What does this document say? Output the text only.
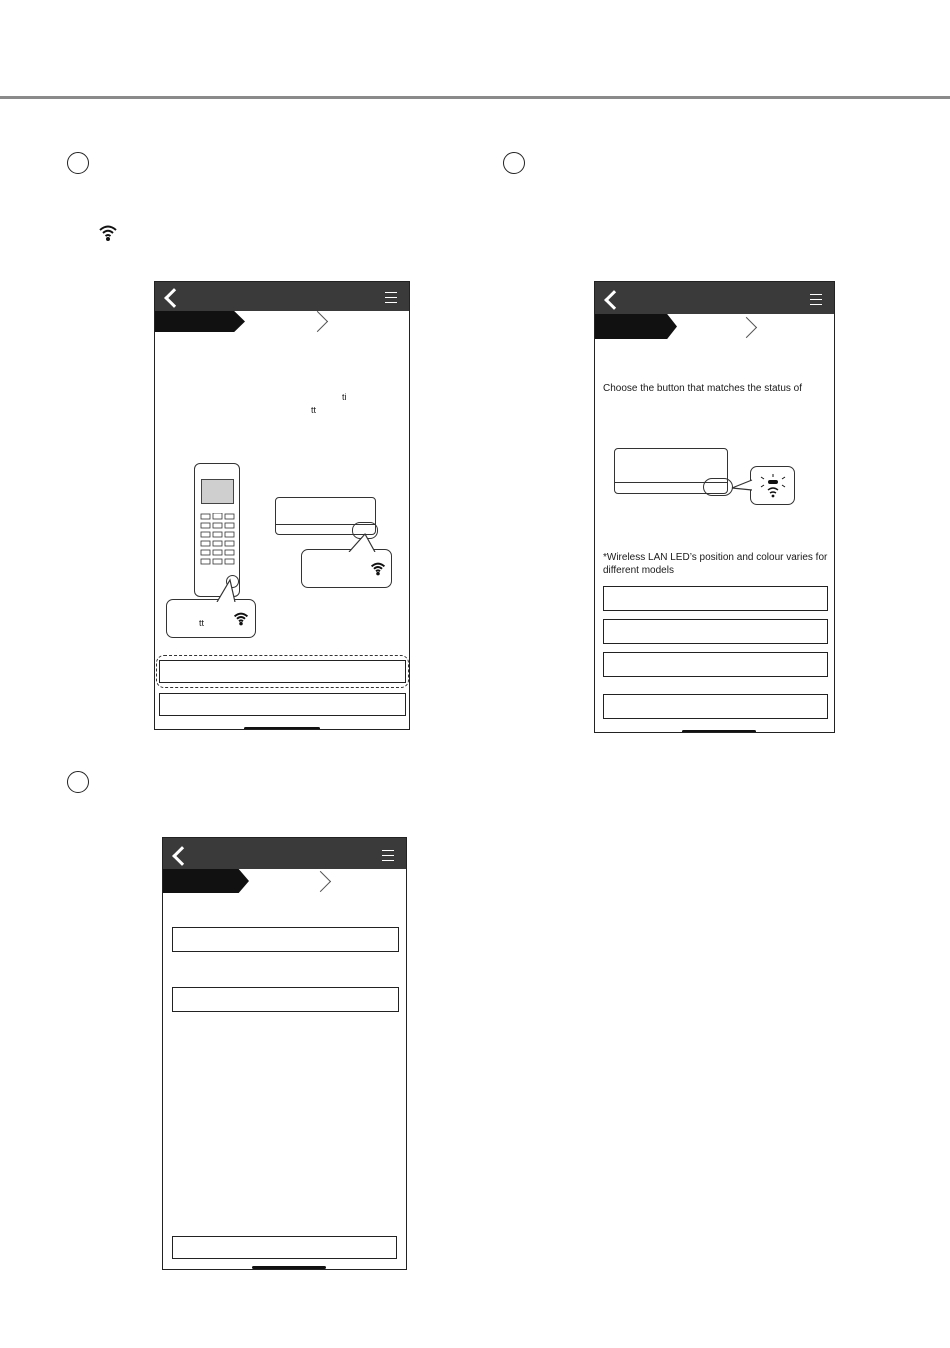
ti
tt
tt
Choose the button that matches the status of
*Wireless LAN LED’s position and colour varies for different models
